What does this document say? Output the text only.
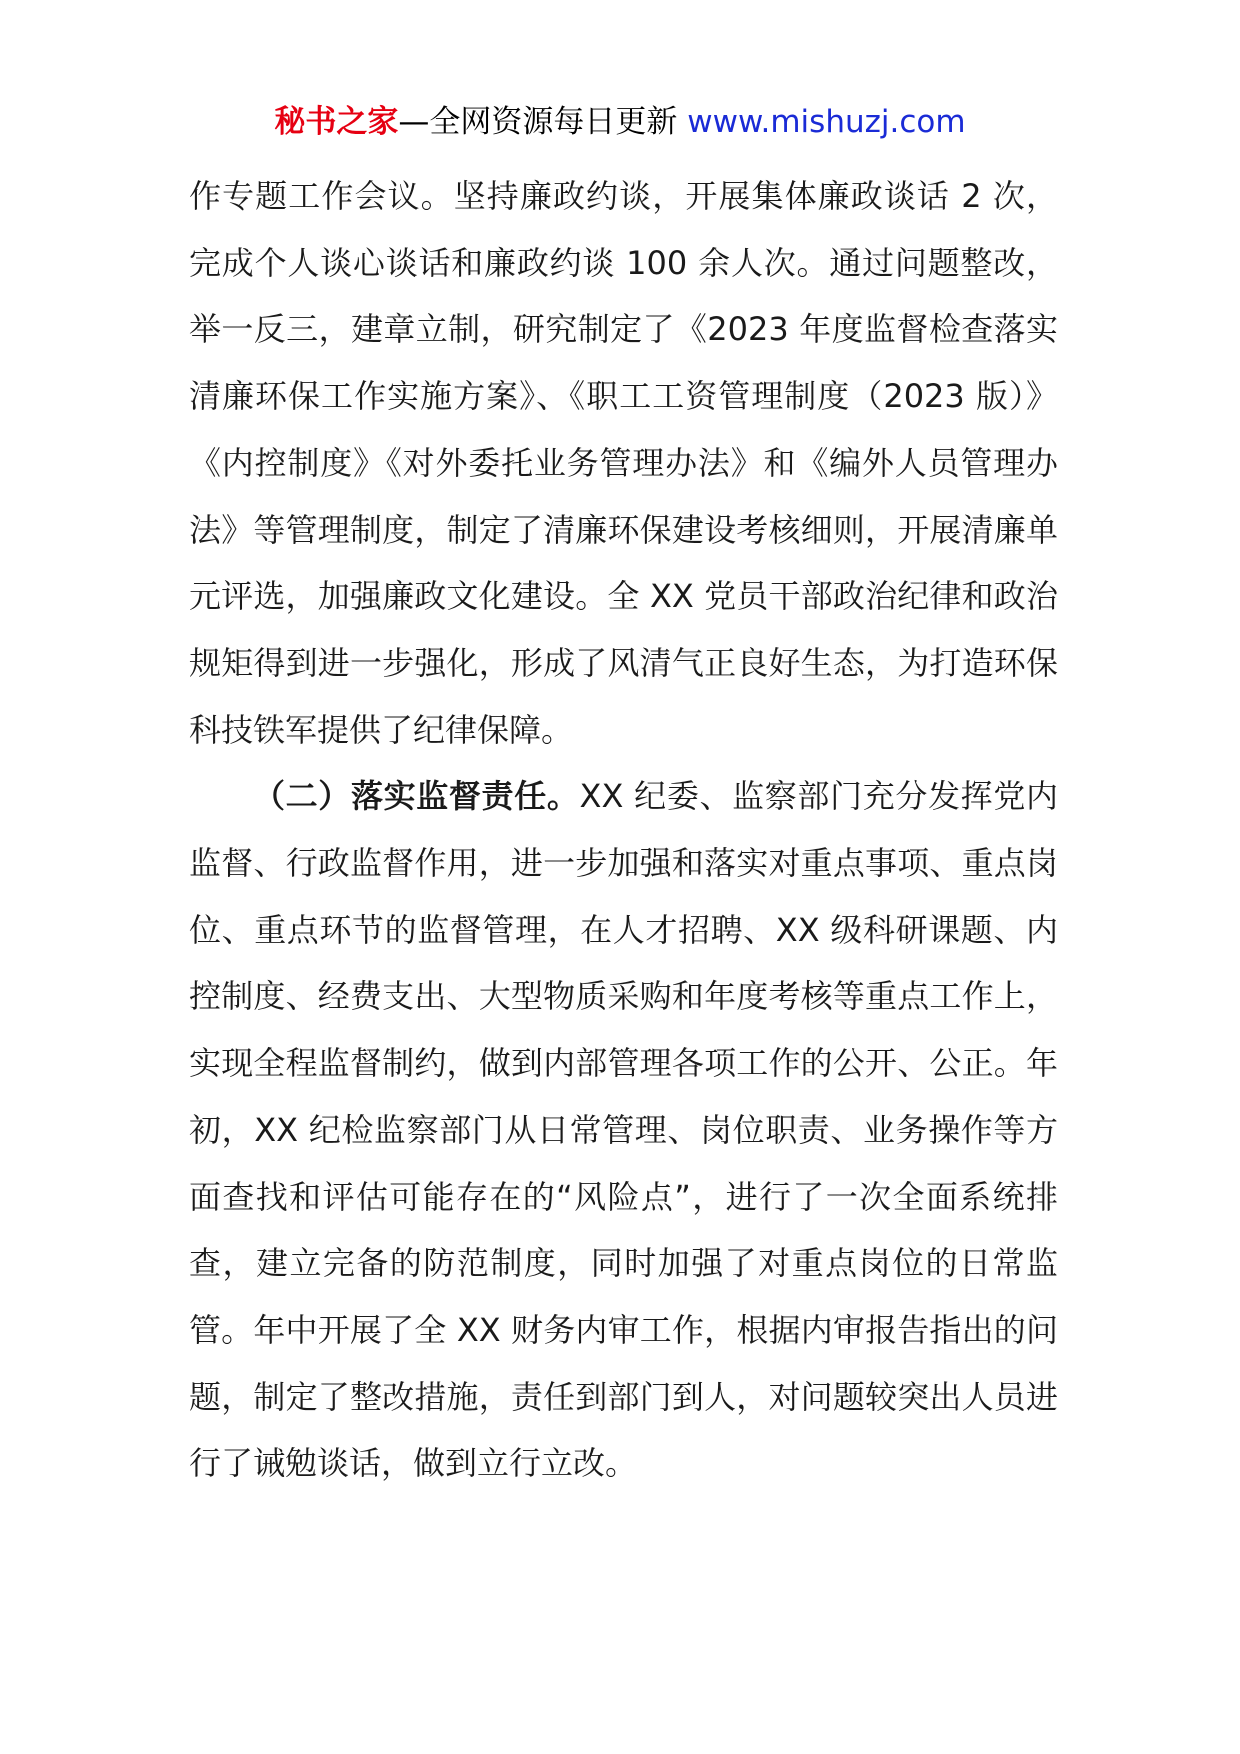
秘书之家—全网资源每日更新 www.mishuzj.com

作专题工作会议。坚持廉政约谈，开展集体廉政谈话 2 次，完成个人谈心谈话和廉政约谈 100 余人次。通过问题整改，举一反三，建章立制，研究制定了《2023 年度监督检查落实清廉环保工作实施方案》、《职工工资管理制度（2023 版）》《内控制度》《对外委托业务管理办法》和《编外人员管理办法》等管理制度，制定了清廉环保建设考核细则，开展清廉单元评选，加强廉政文化建设。全 XX 党员干部政治纪律和政治规矩得到进一步强化，形成了风清气正良好生态，为打造环保科技铁军提供了纪律保障。

（二）落实监督责任。XX 纪委、监察部门充分发挥党内监督、行政监督作用，进一步加强和落实对重点事项、重点岗位、重点环节的监督管理，在人才招聘、XX 级科研课题、内控制度、经费支出、大型物质采购和年度考核等重点工作上，实现全程监督制约，做到内部管理各项工作的公开、公正。年初，XX 纪检监察部门从日常管理、岗位职责、业务操作等方面查找和评估可能存在的“风险点”，进行了一次全面系统排查，建立完备的防范制度，同时加强了对重点岗位的日常监管。年中开展了全 XX 财务内审工作，根据内审报告指出的问题，制定了整改措施，责任到部门到人，对问题较突出人员进行了诫勉谈话，做到立行立改。
